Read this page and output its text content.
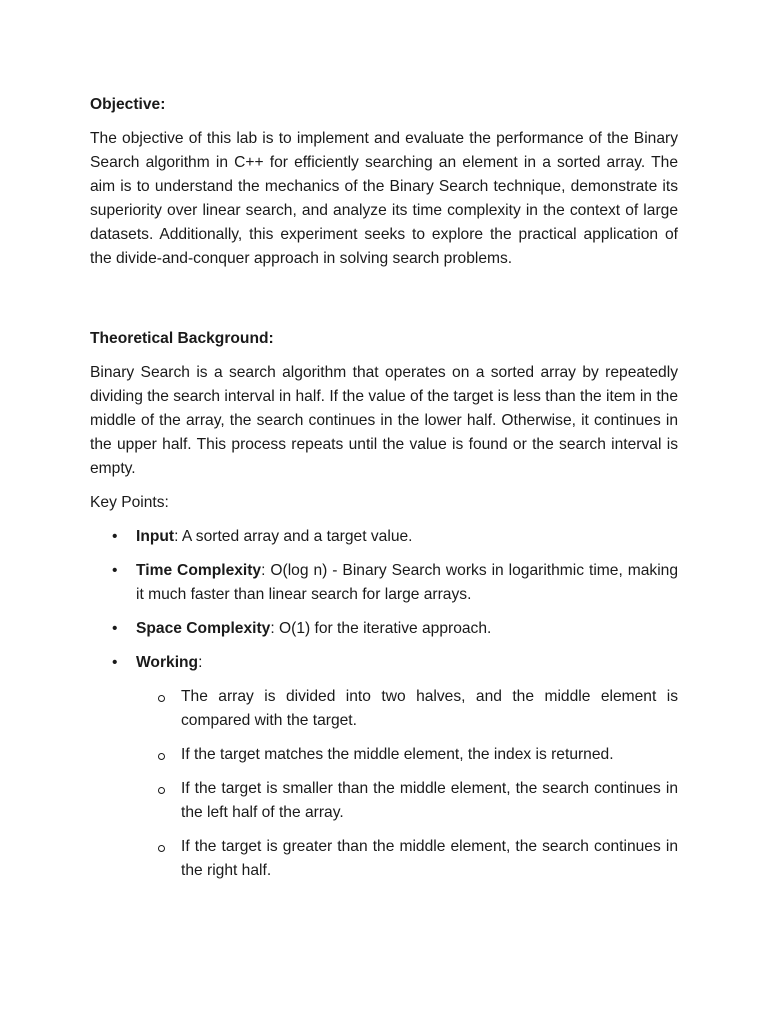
Objective:

The objective of this lab is to implement and evaluate the performance of the Binary Search algorithm in C++ for efficiently searching an element in a sorted array. The aim is to understand the mechanics of the Binary Search technique, demonstrate its superiority over linear search, and analyze its time complexity in the context of large datasets. Additionally, this experiment seeks to explore the practical application of the divide-and-conquer approach in solving search problems.

Theoretical Background:

Binary Search is a search algorithm that operates on a sorted array by repeatedly dividing the search interval in half. If the value of the target is less than the item in the middle of the array, the search continues in the lower half. Otherwise, it continues in the upper half. This process repeats until the value is found or the search interval is empty.

Key Points:

• Input: A sorted array and a target value.
• Time Complexity: O(log n) - Binary Search works in logarithmic time, making it much faster than linear search for large arrays.
• Space Complexity: O(1) for the iterative approach.
• Working:
The array is divided into two halves, and the middle element is compared with the target.
If the target matches the middle element, the index is returned.
If the target is smaller than the middle element, the search continues in the left half of the array.
If the target is greater than the middle element, the search continues in the right half.
